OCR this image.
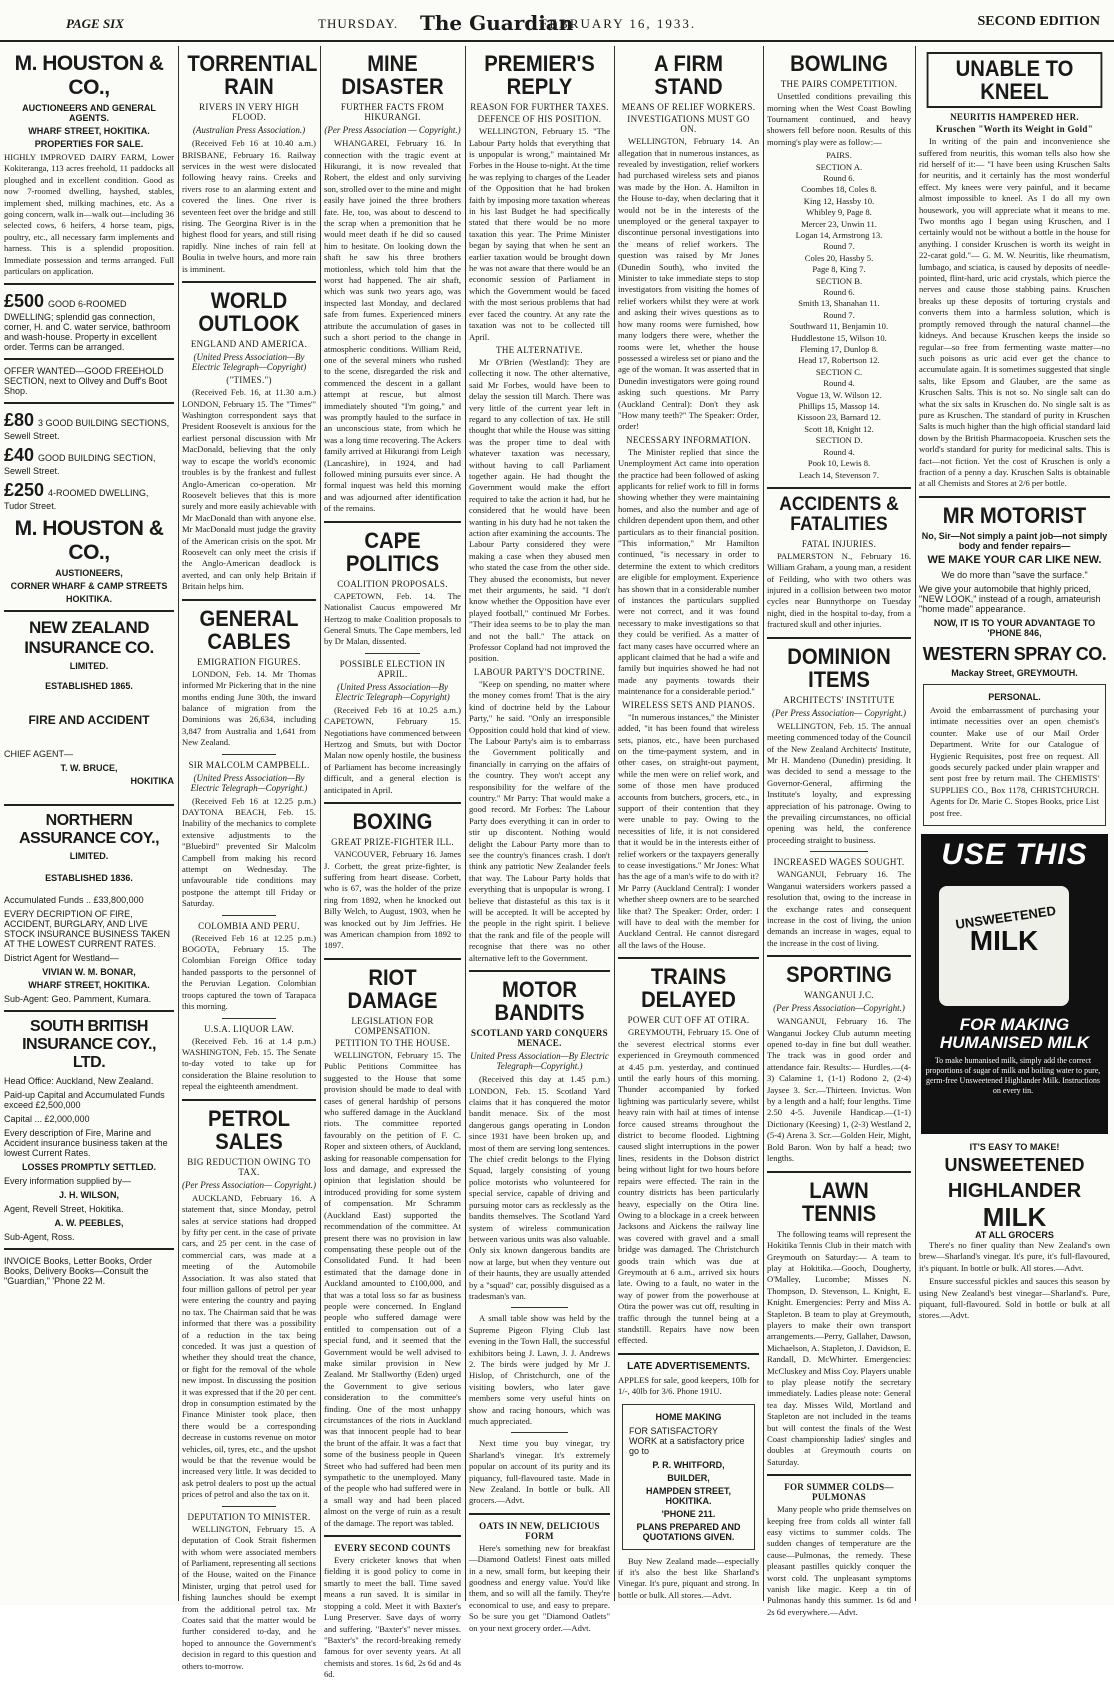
PAGE SIX	THURSDAY. The Guardian
FEBRUARY 16, 1933.	SECOND EDITION
M. HOUSTON & CO.,
AUCTIONEERS AND GENERAL AGENTS.
WHARF STREET, HOKITIKA.
PROPERTIES FOR SALE.
HIGHLY IMPROVED DAIRY FARM, Lower Kokiteranga, 113 acres freehold, 11 paddocks all ploughed and in excellent condition. Good as now 7-roomed dwelling, hayshed, stables, implement shed, milking machines, etc. As a going concern, walk in—walk out—including 36 selected cows, 6 heifers, 4 horse team, pigs, poultry, etc., all necessary farm implements and harness. This is a splendid proposition. Immediate possession and terms arranged. Full particulars on application.
£500 GOOD 6-ROOMED DWELLING; splendid gas connection, corner, H. and C. water service, bathroom and wash-house. Property in excellent order. Terms can be arranged.
OFFER WANTED—GOOD FREEHOLD SECTION, next to Ollvey and Duff's Boot Shop.
£80 3 GOOD BUILDING SECTIONS, Sewell Street.
£40 GOOD BUILDING SECTION, Sewell Street.
£250 4-ROOMED DWELLING, Tudor Street.
M. HOUSTON & CO.,
AUSTIONEERS,
CORNER WHARF & CAMP STREETS
HOKITIKA.
NEW ZEALAND INSURANCE CO.
LIMITED.
ESTABLISHED 1865.
FIRE AND ACCIDENT
CHIEF AGENT—
T. W. BRUCE,
HOKITIKA
NORTHERN ASSURANCE COY.,
LIMITED.
ESTABLISHED 1836.
Accumulated Funds .. £33,800,000
EVERY DECRIPTION OF FIRE, ACCIDENT, BURGLARY, AND LIVE STOCK INSURANCE BUSINESS TAKEN AT THE LOWEST CURRENT RATES.
District Agent for Westland—
VIVIAN W. M. BONAR,
WHARF STREET, HOKITIKA.
Sub-Agent: Geo. Pamment, Kumara.
SOUTH BRITISH INSURANCE COY., LTD.
Head Office: Auckland, New Zealand.
Paid-up Capital and Accumulated Funds exceed £2,500,000
Capital ... £2,000,000
Every description of Fire, Marine and Accident insurance business taken at the lowest Current Rates.
LOSSES PROMPTLY SETTLED.
Every information supplied by—
J. H. WILSON,
Agent, Revell Street, Hokitika.
A. W. PEEBLES,
Sub-Agent, Ross.
INVOICE Books, Letter Books, Order Books, Delivery Books—Consult the "Guardian," 'Phone 22 M.
TORRENTIAL RAIN
RIVERS IN VERY HIGH FLOOD.
(Australian Press Association.)
(Received Feb 16 at 10.40 a.m.) BRISBANE, February 16. Railway services in the west were dislocated following heavy rains. Creeks and rivers rose to an alarming extent and covered the lines. One river is seventeen feet over the bridge and still rising. The Georgina River is in the highest flood for years, and still rising rapidly. Nine inches of rain fell at Boulia in twelve hours, and more rain is imminent.
WORLD OUTLOOK
ENGLAND AND AMERICA.
(United Press Association—By Electric Telegraph—Copyright)
("TIMES.")
(Received Feb. 16, at 11.30 a.m.) LONDON, February 15. The "Times'" Washington correspondent says that President Roosevelt is anxious for the earliest personal discussion with Mr MacDonald, believing that the only way to escape the world's economic troubles is by the frankest and fullest Anglo-American co-operation. Mr Roosevelt believes that this is more surely and more easily achievable with Mr MacDonald than with anyone else. Mr MacDonald must judge the gravity of the American crisis on the spot. Mr Roosevelt can only meet the crisis if the Anglo-American deadlock is averted, and can only help Britain if Britain helps him.
GENERAL CABLES
EMIGRATION FIGURES.
LONDON, Feb. 14. Mr Thomas informed Mr Pickering that in the nine months ending June 30th, the inward balance of migration from the Dominions was 26,634, including 3,847 from Australia and 1,641 from New Zealand.
SIR MALCOLM CAMPBELL.
(United Press Association—By Electric Telegraph—Copyright.)
(Received Feb 16 at 12.25 p.m.) DAYTONA BEACH, Feb. 15. Inability of the mechanics to complete extensive adjustments to the "Bluebird" prevented Sir Malcolm Campbell from making his record attempt on Wednesday. The unfavourable tide conditions may postpone the attempt till Friday or Saturday.
COLOMBIA AND PERU.
(Received Feb 16 at 12.25 p.m.) BOGOTA, February 15. The Colombian Foreign Office today handed passports to the personnel of the Peruvian Legation. Colombian troops captured the town of Tarapaca this morning.
U.S.A. LIQUOR LAW.
(Received Feb. 16 at 1.4 p.m.) WASHINGTON, Feb. 15. The Senate to-day voted to take up for consideration the Blaine resolution to repeal the eighteenth amendment.
PETROL SALES
BIG REDUCTION OWING TO TAX.
(Per Press Association— Copyright.)
AUCKLAND, February 16. A statement that, since Monday, petrol sales at service stations had dropped by fifty per cent. in the case of private cars, and 25 per cent. in the case of commercial cars, was made at a meeting of the Automobile Association. It was also stated that four million gallons of petrol per year were entering the country and paying no tax. The Chairman said that he was informed that there was a possibility of a reduction in the tax being conceded. It was just a question of whether they should treat the chance, or fight for the removal of the whole new impost. In discussing the position it was expressed that if the 20 per cent. drop in consumption estimated by the Finance Minister took place, then there would be a corresponding decrease in customs revenue on motor vehicles, oil, tyres, etc., and the upshot would be that the revenue would be increased very little. It was decided to ask petrol dealers to post up the actual prices of petrol and also the tax on it.
DEPUTATION TO MINISTER.
WELLINGTON, February 15. A deputation of Cook Strait fishermen with whom were associated members of Parliament, representing all sections of the House, waited on the Finance Minister, urging that petrol used for fishing launches should be exempt from the additional petrol tax. Mr Coates said that the matter would be further considered to-day, and he hoped to announce the Government's decision in regard to this question and others to-morrow.
MINE DISASTER
FURTHER FACTS FROM HIKURANGI.
(Per Press Association — Copyright.)
WHANGAREI, February 16. In connection with the tragic event at Hikurangi, it is now revealed that Robert, the eldest and only surviving son, strolled over to the mine and might easily have joined the three brothers fate. He, too, was about to descend to the scrap when a premonition that he would meet death if he did so caused him to hesitate. On looking down the shaft he saw his three brothers motionless, which told him that the worst had happened. The air shaft, which was sunk two years ago, was inspected last Monday, and declared safe from fumes. Experienced miners attribute the accumulation of gases in such a short period to the change in atmospheric conditions. William Reid, one of the several miners who rushed to the scene, disregarded the risk and commenced the descent in a gallant attempt at rescue, but almost immediately shouted "I'm going," and was promptly hauled to the surface in an unconscious state, from which he was a long time recovering. The Ackers family arrived at Hikurangi from Leigh (Lancashire), in 1924, and had followed mining pursuits ever since. A formal inquest was held this morning and was adjourned after identification of the remains.
CAPE POLITICS
COALITION PROPOSALS.
CAPETOWN, Feb. 14. The Nationalist Caucus empowered Mr Hertzog to make Coalition proposals to General Smuts. The Cape members, led by Dr Malan, dissented.
POSSIBLE ELECTION IN APRIL.
(United Press Association—By Electric Telegraph—Copyright)
(Received Feb 16 at 10.25 a.m.) CAPETOWN, February 15. Negotiations have commenced between Hertzog and Smuts, but with Doctor Malan now openly hostile, the business of Parliament has become increasingly difficult, and a general election is anticipated in April.
BOXING
GREAT PRIZE-FIGHTER ILL.
VANCOUVER, February 16. James J. Corbett, the great prize-fighter, is suffering from heart disease. Corbett, who is 67, was the holder of the prize ring from 1892, when he knocked out Billy Welch, to August, 1903, when he was knocked out by Jim Jeffries. He was American champion from 1892 to 1897.
RIOT DAMAGE
LEGISLATION FOR COMPENSATION.
PETITION TO THE HOUSE.
WELLINGTON, February 15. The Public Petitions Committee has suggested to the House that some provision should be made to deal with cases of general hardship of persons who suffered damage in the Auckland riots. The committee reported favourably on the petition of F. C. Roper and sixteen others, of Auckland, asking for reasonable compensation for loss and damage, and expressed the opinion that legislation should be introduced providing for some system of compensation. Mr Schramm (Auckland East) supported the recommendation of the committee. At present there was no provision in law compensating these people out of the Consolidated Fund. It had been estimated that the damage done in Auckland amounted to £100,000, and that was a total loss so far as business people were concerned. In England people who suffered damage were entitled to compensation out of a special fund, and it seemed that the Government would be well advised to make similar provision in New Zealand. Mr Stallworthy (Eden) urged the Government to give serious consideration to the committee's finding. One of the most unhappy circumstances of the riots in Auckland was that innocent people had to bear the brunt of the affair. It was a fact that some of the business people in Queen Street who had suffered had been men sympathetic to the unemployed. Many of the people who had suffered were in a small way and had been placed almost on the verge of ruin as a result of the damage. The report was tabled.
EVERY SECOND COUNTS
Every cricketer knows that when fielding it is good policy to come in smartly to meet the ball. Time saved means a run saved. It is similar in stopping a cold. Meet it with Baxter's Lung Preserver. Save days of worry and suffering. "Baxter's" never misses. "Baxter's" the record-breaking remedy famous for over seventy years. At all chemists and stores. 1s 6d, 2s 6d and 4s 6d.
PREMIER'S REPLY
REASON FOR FURTHER TAXES.
DEFENCE OF HIS POSITION.
WELLINGTON, February 15. "The Labour Party holds that everything that is unpopular is wrong," maintained Mr Forbes in the House to-night. At the time he was replying to charges of the Leader of the Opposition that he had broken faith by imposing more taxation whereas in his last Budget he had specifically stated that there would be no more taxation this year. The Prime Minister began by saying that when he sent an earlier taxation would be brought down he was not aware that there would be an economic session of Parliament in which the Government would be faced with the most serious problems that had ever faced the country. At any rate the taxation was not to be collected till April.
THE ALTERNATIVE.
Mr O'Brien (Westland): They are collecting it now. The other alternative, said Mr Forbes, would have been to delay the session till March. There was very little of the current year left in regard to any collection of tax. He still thought that while the House was sitting was the proper time to deal with whatever taxation was necessary, without having to call Parliament together again. He had thought the Government would make the effort required to take the action it had, but he considered that he would have been wanting in his duty had he not taken the action after examining the accounts. The Labour Party considered they were making a case when they abused men who stated the case from the other side. They abused the economists, but never met their arguments, he said. "I don't know whether the Opposition have ever played football," continued Mr Forbes. "Their idea seems to be to play the man and not the ball." The attack on Professor Copland had not improved the position.
LABOUR PARTY'S DOCTRINE.
"Keep on spending, no matter where the money comes from! That is the airy kind of doctrine held by the Labour Party," he said. "Only an irresponsible Opposition could hold that kind of view. The Labour Party's aim is to embarrass the Government politically and financially in carrying on the affairs of the country. They won't accept any responsibility for the welfare of the country." Mr Parry: That would make a good record. Mr Forbes: The Labour Party does everything it can in order to stir up discontent. Nothing would delight the Labour Party more than to see the country's finances crash. I don't think any patriotic New Zealander feels that way. The Labour Party holds that everything that is unpopular is wrong. I believe that distasteful as this tax is it will be accepted. It will be accepted by the people in the right spirit. I believe that the rank and file of the people will recognise that there was no other alternative left to the Government.
MOTOR BANDITS
SCOTLAND YARD CONQUERS MENACE.
United Press Association—By Electric Telegraph—Copyright.)
(Received this day at 1.45 p.m.) LONDON, Feb. 15. Scotland Yard claims that it has conquered the motor bandit menace. Six of the most dangerous gangs operating in London since 1931 have been broken up, and most of them are serving long sentences. The chief credit belongs to the Flying Squad, largely consisting of young police motorists who volunteered for special service, capable of driving and pursuing motor cars as recklessly as the bandits themselves. The Scotland Yard system of wireless communication between various units was also valuable. Only six known dangerous bandits are now at large, but when they venture out of their haunts, they are usually attended by a "squad" car, possibly disguised as a tradesman's van.
A small table show was held by the Supreme Pigeon Flying Club last evening in the Town Hall, the successful exhibitors being J. Lawn, J. J. Andrews 2. The birds were judged by Mr J. Hislop, of Christchurch, one of the visiting bowlers, who later gave members some very useful hints on show and racing honours, which was much appreciated.
Next time you buy vinegar, try Sharland's vinegar. It's extremely popular on account of its purity and its piquancy, full-flavoured taste. Made in New Zealand. In bottle or bulk. All grocers.—Advt.
OATS IN NEW, DELICIOUS FORM
Here's something new for breakfast —Diamond Oatlets! Finest oats milled in a new, small form, but keeping their goodness and energy value. You'd like them, and so will all the family. They're economical to use, and easy to prepare. So be sure you get "Diamond Oatlets" on your next grocery order.—Advt.
A FIRM STAND
MEANS OF RELIEF WORKERS.
INVESTIGATIONS MUST GO ON.
WELLINGTON, February 14. An allegation that in numerous instances, as revealed by investigation, relief workers had purchased wireless sets and pianos was made by the Hon. A. Hamilton in the House to-day, when declaring that it would not be in the interests of the unemployed or the general taxpayer to discontinue personal investigations into the means of relief workers. The question was raised by Mr Jones (Dunedin South), who invited the Minister to take immediate steps to stop investigators from visiting the homes of relief workers whilst they were at work and asking their wives questions as to how many rooms were furnished, how many lodgers there were, whether the rooms were let, whether the house possessed a wireless set or piano and the age of the woman. It was asserted that in Dunedin investigators were going round asking such questions. Mr Parry (Auckland Central): Don't they ask "How many teeth?" The Speaker: Order, order!
NECESSARY INFORMATION.
The Minister replied that since the Unemployment Act came into operation the practice had been followed of asking applicants for relief work to fill in forms showing whether they were maintaining homes, and also the number and age of children dependent upon them, and other particulars as to their financial position. "This information," Mr Hamilton continued, "is necessary in order to determine the extent to which creditors are eligible for employment. Experience has shown that in a considerable number of instances the particulars supplied were not correct, and it was found necessary to make investigations so that they could be verified. As a matter of fact many cases have occurred where an applicant claimed that he had a wife and family but inquiries showed he had not made any payments towards their maintenance for a considerable period."
WIRELESS SETS AND PIANOS.
"In numerous instances," the Minister added, "it has been found that wireless sets, pianos, etc., have been purchased on the time-payment system, and in other cases, on straight-out payment, while the men were on relief work, and some of those men have produced accounts from butchers, grocers, etc., in support of their contention that they were unable to pay. Owing to the necessities of life, it is not considered that it would be in the interests either of relief workers or the taxpayers generally to cease investigations." Mr Jones: What has the age of a man's wife to do with it? Mr Parry (Auckland Central): I wonder whether sheep owners are to be searched like that? The Speaker: Order, order: I will have to deal with the member for Auckland Central. He cannot disregard all the laws of the House.
TRAINS DELAYED
POWER CUT OFF AT OTIRA.
GREYMOUTH, February 15. One of the severest electrical storms ever experienced in Greymouth commenced at 4.45 p.m. yesterday, and continued until the early hours of this morning. Thunder accompanied by forked lightning was particularly severe, whilst heavy rain with hail at times of intense force caused streams throughout the district to become flooded. Lightning caused slight interruptions in the power lines, residents in the Dobson district being without light for two hours before repairs were effected. The rain in the country districts has been particularly heavy, especially on the Otira line. Owing to a blockage in a creek between Jacksons and Aickens the railway line was covered with gravel and a small bridge was damaged. The Christchurch goods train which was due at Greymouth at 6 a.m., arrived six hours late. Owing to a fault, no water in the way of power from the powerhouse at Otira the power was cut off, resulting in traffic through the tunnel being at a standstill. Repairs have now been effected.
LATE ADVERTISEMENTS.
APPLES for sale, good keepers, 10lb for 1/-, 40lb for 3/6. Phone 191U.
HOME MAKING
FOR SATISFACTORY WORK at a satisfactory price go to
P. R. WHITFORD,
BUILDER,
HAMPDEN STREET, HOKITIKA.
'PHONE 211.
PLANS PREPARED AND QUOTATIONS GIVEN.
Buy New Zealand made—especially if it's also the best like Sharland's Vinegar. It's pure, piquant and strong. In bottle or bulk. All stores.—Advt.
BOWLING
THE PAIRS COMPETITION.
Unsettled conditions prevailing this morning when the West Coast Bowling Tournament continued, and heavy showers fell before noon. Results of this morning's play were as follow:—
PAIRS.
SECTION A.
Round 6.
Coombes 18, Coles 8.
King 12, Hassby 10.
Whibley 9, Page 8.
Mercer 23, Unwin 11.
Logan 14, Armstrong 13.
Round 7.
Coles 20, Hassby 5.
Page 8, King 7.
SECTION B.
Round 6.
Smith 13, Shanahan 11.
Round 7.
Southward 11, Benjamin 10.
Huddlestone 15, Wilson 10.
Fleming 17, Dunlop 8.
Head 17, Robertson 12.
SECTION C.
Round 4.
Vogue 13, W. Wilson 12.
Phillips 15, Massop 14.
Kissoon 23, Barnard 12.
Scott 18, Knight 12.
SECTION D.
Round 4.
Pook 10, Lewis 8.
Leach 14, Stevenson 7.
ACCIDENTS & FATALITIES
FATAL INJURIES.
PALMERSTON N., February 16. William Graham, a young man, a resident of Feilding, who with two others was injured in a collision between two motor cycles near Bunnythorpe on Tuesday night, died in the hospital to-day, from a fractured skull and other injuries.
DOMINION ITEMS
ARCHITECTS' INSTITUTE
(Per Press Association— Copyright.)
WELLINGTON, Feb. 15. The annual meeting commenced today of the Council of the New Zealand Architects' Institute, Mr H. Mandeno (Dunedin) presiding. It was decided to send a message to the Governor-General, affirming the Institute's loyalty, and expressing appreciation of his patronage. Owing to the prevailing circumstances, no official opening was held, the conference proceeding straight to business.
INCREASED WAGES SOUGHT.
WANGANUI, February 16. The Wanganui watersiders workers passed a resolution that, owing to the increase in the exchange rates and consequent increase in the cost of living, the union demands an increase in wages, equal to the increase in the cost of living.
SPORTING
WANGANUI J.C.
(Per Press Association—Copyright.)
WANGANUI, February 16. The Wanganui Jockey Club autumn meeting opened to-day in fine but dull weather. The track was in good order and attendance fair. Results:— Hurdles.—(4-3) Calamine 1, (1-1) Rodono 2, (2-4) Jaysee 3. Scr.—Thirteen. Invictus. Won by a length and a half; four lengths. Time 2.50 4-5. Juvenile Handicap.—(1-1) Dictionary (Keesing) 1, (2-3) Westland 2, (5-4) Arena 3. Scr.—Golden Heir, Might, Bold Baron. Won by half a head; two lengths.
LAWN TENNIS
The following teams will represent the Hokitika Tennis Club in their match with Greymouth on Saturday:— A team to play at Hokitika.—Gooch, Dougherty, O'Malley, Lucombe; Misses N. Thompson, D. Stevenson, L. Knight, E. Knight. Emergencies: Perry and Miss A. Stapleton. B team to play at Greymouth, players to make their own transport arrangements.—Perry, Gallaher, Dawson, Michaelson, A. Stapleton, J. Davidson, E. Randall, D. McWhirter. Emergencies: McCluskey and Miss Coy. Players unable to play please notify the secretary immediately. Ladies please note: General tea day. Misses Wild, Mortland and Stapleton are not included in the teams but will contest the finals of the West Coast championship ladies' singles and doubles at Greymouth courts on Saturday.
FOR SUMMER COLDS—PULMONAS
Many people who pride themselves on keeping free from colds all winter fall easy victims to summer colds. The sudden changes of temperature are the cause—Pulmonas, the remedy. These pleasant pastilles quickly conquer the worst cold. The unpleasant symptoms vanish like magic. Keep a tin of Pulmonas handy this summer. 1s 6d and 2s 6d everywhere.—Advt.
UNABLE TO KNEEL
NEURITIS HAMPERED HER.
Kruschen "Worth its Weight in Gold"
In writing of the pain and inconvenience she suffered from neuritis, this woman tells also how she rid herself of it:— "I have been using Kruschen Salts for neuritis, and it certainly has the most wonderful effect. My knees were very painful, and it became almost impossible to kneel. As I do all my own housework, you will appreciate what it means to me. Two months ago I began using Kruschen, and I certainly would not be without a bottle in the house for anything. I consider Kruschen is worth its weight in 22-carat gold."— G. M. W. Neuritis, like rheumatism, lumbago, and sciatica, is caused by deposits of needle-pointed, flint-hard, uric acid crystals, which pierce the nerves and cause those stabbing pains. Kruschen breaks up these deposits of torturing crystals and converts them into a harmless solution, which is promptly removed through the natural channel—the kidneys. And because Kruschen keeps the inside so regular—so free from fermenting waste matter—no such poisons as uric acid ever get the chance to accumulate again. It is sometimes suggested that single salts, like Epsom and Glauber, are the same as Kruschen Salts. This is not so. No single salt can do what the six salts in Kruschen do. No single salt is as pure as Kruschen. The standard of purity in Kruschen Salts is much higher than the high official standard laid down by the British Pharmacopoeia. Kruschen sets the world's standard for purity for medicinal salts. This is fact—not fiction. Yet the cost of Kruschen is only a fraction of a penny a day. Kruschen Salts is obtainable at all Chemists and Stores at 2/6 per bottle.
MR MOTORIST
No, Sir—Not simply a paint job—not simply body and fender repairs—
WE MAKE YOUR CAR LIKE NEW.
We do more than "save the surface."
We give your automobile that highly priced, "NEW LOOK," instead of a rough, amateurish "home made" appearance.
NOW, IT IS TO YOUR ADVANTAGE TO 'PHONE 846,
WESTERN SPRAY CO.
Mackay Street, GREYMOUTH.
PERSONAL.
Avoid the embarrassment of purchasing your intimate necessities over an open chemist's counter. Make use of our Mail Order Department. Write for our Catalogue of Hygienic Requisites, post free on request. All goods securely packed under plain wrapper and sent post free by return mail. The CHEMISTS' SUPPLIES CO., Box 1178, CHRISTCHURCH. Agents for Dr. Marie C. Stopes Books, price List post free.
USE THIS
UNSWEETENED
MILK
FOR MAKING HUMANISED MILK
To make humanised milk, simply add the correct proportions of sugar of milk and boiling water to pure, germ-free Unsweetened Highlander Milk. Instructions on every tin.
IT'S EASY TO MAKE!
UNSWEETENED
HIGHLANDER
MILK
AT ALL GROCERS
There's no finer quality than New Zealand's own brew—Sharland's vinegar. It's pure, it's full-flavoured, it's piquant. In bottle or bulk. All stores.—Advt.
Ensure successful pickles and sauces this season by using New Zealand's best vinegar—Sharland's. Pure, piquant, full-flavoured. Sold in bottle or bulk at all stores.—Advt.
